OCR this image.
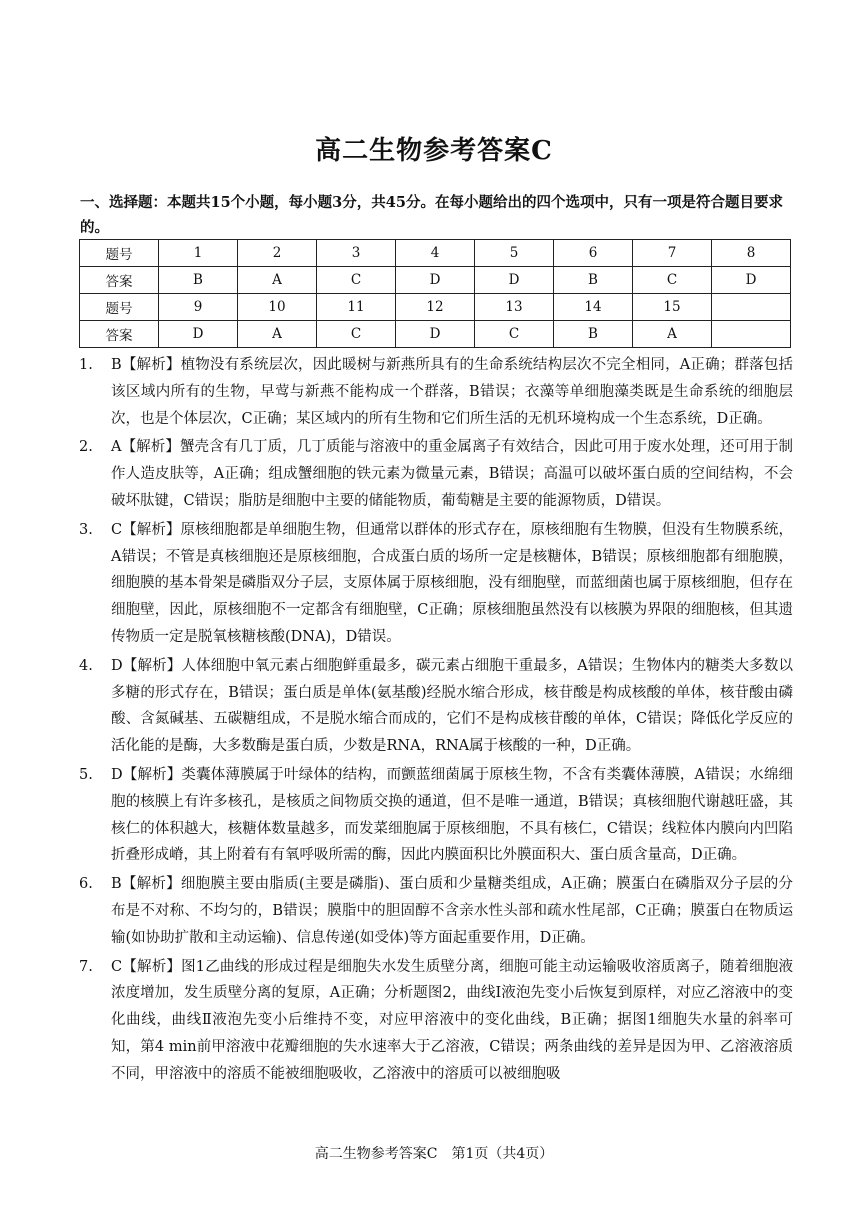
高二生物参考答案C
一、选择题：本题共15个小题，每小题3分，共45分。在每小题给出的四个选项中，只有一项是符合题目要求的。
题号	1	2	3	4	5	6	7	8
答案	B	A	C	D	D	B	C	D
题号	9	10	11	12	13	14	15	
答案	D	A	C	D	C	B	A	
1. B【解析】植物没有系统层次，因此暖树与新燕所具有的生命系统结构层次不完全相同，A正确；群落包括该区域内所有的生物，早莺与新燕不能构成一个群落，B错误；衣藻等单细胞藻类既是生命系统的细胞层次，也是个体层次，C正确；某区域内的所有生物和它们所生活的无机环境构成一个生态系统，D正确。
2. A【解析】蟹壳含有几丁质，几丁质能与溶液中的重金属离子有效结合，因此可用于废水处理，还可用于制作人造皮肤等，A正确；组成蟹细胞的铁元素为微量元素，B错误；高温可以破坏蛋白质的空间结构，不会破坏肽键，C错误；脂肪是细胞中主要的储能物质，葡萄糖是主要的能源物质，D错误。
3. C【解析】原核细胞都是单细胞生物，但通常以群体的形式存在，原核细胞有生物膜，但没有生物膜系统，A错误；不管是真核细胞还是原核细胞，合成蛋白质的场所一定是核糖体，B错误；原核细胞都有细胞膜，细胞膜的基本骨架是磷脂双分子层，支原体属于原核细胞，没有细胞壁，而蓝细菌也属于原核细胞，但存在细胞壁，因此，原核细胞不一定都含有细胞壁，C正确；原核细胞虽然没有以核膜为界限的细胞核，但其遗传物质一定是脱氧核糖核酸(DNA)，D错误。
4. D【解析】人体细胞中氧元素占细胞鲜重最多，碳元素占细胞干重最多，A错误；生物体内的糖类大多数以多糖的形式存在，B错误；蛋白质是单体(氨基酸)经脱水缩合形成，核苷酸是构成核酸的单体，核苷酸由磷酸、含氮碱基、五碳糖组成，不是脱水缩合而成的，它们不是构成核苷酸的单体，C错误；降低化学反应的活化能的是酶，大多数酶是蛋白质，少数是RNA，RNA属于核酸的一种，D正确。
5. D【解析】类囊体薄膜属于叶绿体的结构，而颤蓝细菌属于原核生物，不含有类囊体薄膜，A错误；水绵细胞的核膜上有许多核孔，是核质之间物质交换的通道，但不是唯一通道，B错误；真核细胞代谢越旺盛，其核仁的体积越大，核糖体数量越多，而发菜细胞属于原核细胞，不具有核仁，C错误；线粒体内膜向内凹陷折叠形成嵴，其上附着有有氧呼吸所需的酶，因此内膜面积比外膜面积大、蛋白质含量高，D正确。
6. B【解析】细胞膜主要由脂质(主要是磷脂)、蛋白质和少量糖类组成，A正确；膜蛋白在磷脂双分子层的分布是不对称、不均匀的，B错误；膜脂中的胆固醇不含亲水性头部和疏水性尾部，C正确；膜蛋白在物质运输(如协助扩散和主动运输)、信息传递(如受体)等方面起重要作用，D正确。
7. C【解析】图1乙曲线的形成过程是细胞失水发生质壁分离，细胞可能主动运输吸收溶质离子，随着细胞液浓度增加，发生质壁分离的复原，A正确；分析题图2，曲线Ⅰ液泡先变小后恢复到原样，对应乙溶液中的变化曲线，曲线Ⅱ液泡先变小后维持不变，对应甲溶液中的变化曲线，B正确；据图1细胞失水量的斜率可知，第4 min前甲溶液中花瓣细胞的失水速率大于乙溶液，C错误；两条曲线的差异是因为甲、乙溶液溶质不同，甲溶液中的溶质不能被细胞吸收，乙溶液中的溶质可以被细胞吸
高二生物参考答案C　第1页（共4页）
